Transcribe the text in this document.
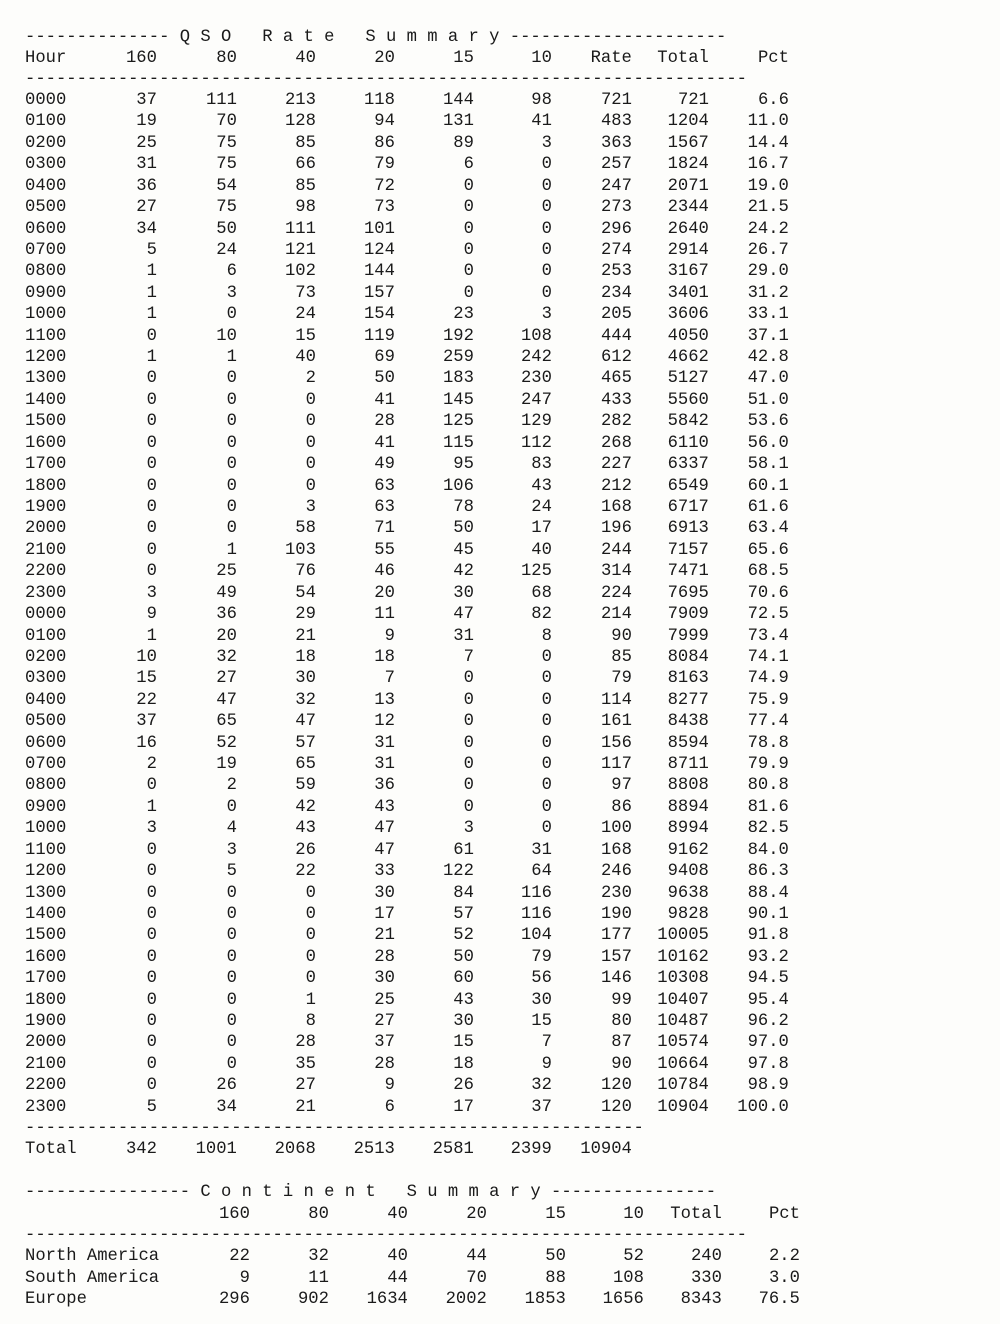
-------------- Q S O   R a t e   S u m m a r y ---------------------
Hour	160	80	40	20	15	10 Rate Total	Pct
----------------------------------------------------------------------
0000	37	111	213	118	144	98	721	721	6.6
0100	19	70	128	94	131	41	483 1204 11.0
0200	25	75	85	86	89	3	363 1567 14.4
0300	31	75	66	79	6	0	257 1824 16.7
0400	36	54	85	72	0	0	247 2071 19.0
0500	27	75	98	73	0	0	273 2344 21.5
0600	34	50	111	101	0	0	296 2640 24.2
0700	5	24	121	124	0	0	274 2914 26.7
0800	1	6	102	144	0	0	253 3167 29.0
0900	1	3	73	157	0	0	234 3401 31.2
1000	1	0	24	154	23	3	205 3606 33.1
1100	0	10	15	119	192	108	444 4050 37.1
1200	1	1	40	69	259	242	612 4662 42.8
1300	0	0	2	50	183	230	465 5127 47.0
1400	0	0	0	41	145	247	433 5560 51.0
1500	0	0	0	28	125	129	282 5842 53.6
1600	0	0	0	41	115	112	268 6110 56.0
1700	0	0	0	49	95	83	227 6337 58.1
1800	0	0	0	63	106	43	212 6549 60.1
1900	0	0	3	63	78	24	168 6717 61.6
2000	0	0	58	71	50	17	196 6913 63.4
2100	0	1	103	55	45	40	244 7157 65.6
2200	0	25	76	46	42	125	314 7471 68.5
2300	3	49	54	20	30	68	224 7695 70.6
0000	9	36	29	11	47	82	214 7909 72.5
0100	1	20	21	9	31	8	90 7999 73.4
0200	10	32	18	18	7	0	85 8084 74.1
0300	15	27	30	7	0	0	79 8163 74.9
0400	22	47	32	13	0	0	114 8277 75.9
0500	37	65	47	12	0	0	161 8438 77.4
0600	16	52	57	31	0	0	156 8594 78.8
0700	2	19	65	31	0	0	117 8711 79.9
0800	0	2	59	36	0	0	97 8808 80.8
0900	1	0	42	43	0	0	86 8894 81.6
1000	3	4	43	47	3	0	100 8994 82.5
1100	0	3	26	47	61	31	168 9162 84.0
1200	0	5	22	33	122	64	246 9408 86.3
1300	0	0	0	30	84	116	230 9638 88.4
1400	0	0	0	17	57	116	190 9828 90.1
1500	0	0	0	21	52	104	177 10005 91.8
1600	0	0	0	28	50	79	157 10162 93.2
1700	0	0	0	30	60	56	146 10308 94.5
1800	0	0	1	25	43	30	99 10407 95.4
1900	0	0	8	27	30	15	80 10487 96.2
2000	0	0	28	37	15	7	87 10574 97.0
2100	0	0	35	28	18	9	90 10664 97.8
2200	0	26	27	9	26	32	120 10784 98.9
2300	5	34	21	6	17	37	120 10904 100.0
------------------------------------------------------------
Total	342 1001 2068 2513 2581 2399 10904
---------------- C o n t i n e n t   S u m m a r y ----------------
160	80	40	20	15	10 Total	Pct
----------------------------------------------------------------------
North America	22	32	40	44	50	52	240	2.2
South America	9	11	44	70	88	108	330	3.0
Europe	296	902 1634 2002 1853 1656 8343 76.5
